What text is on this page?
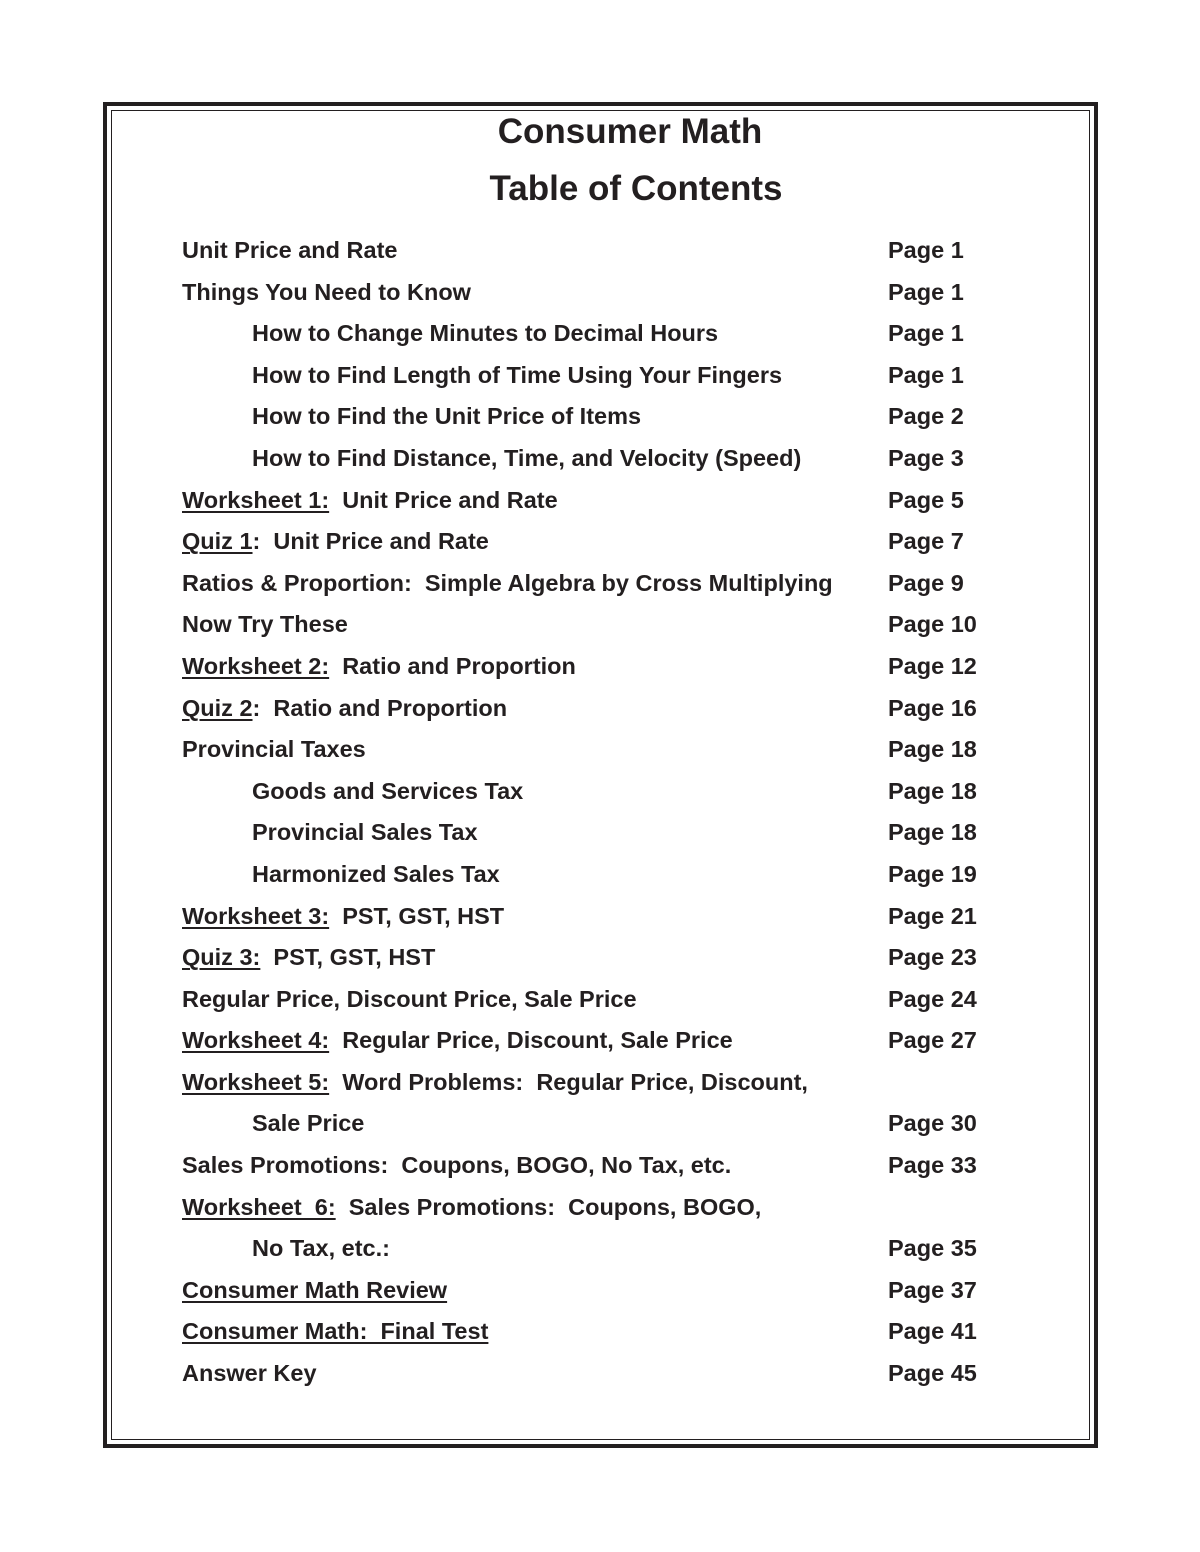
Consumer Math
Table of Contents
Unit Price and Rate	Page 1
Things You Need to Know	Page 1
How to Change Minutes to Decimal Hours	Page 1
How to Find Length of Time Using Your Fingers	Page 1
How to Find the Unit Price of Items	Page 2
How to Find Distance, Time, and Velocity (Speed)	Page 3
Worksheet 1: Unit Price and Rate	Page 5
Quiz 1: Unit Price and Rate	Page 7
Ratios & Proportion:  Simple Algebra by Cross Multiplying Page 9
Now Try These	Page 10
Worksheet 2: Ratio and Proportion	Page 12
Quiz 2: Ratio and Proportion	Page 16
Provincial Taxes	Page 18
Goods and Services Tax	Page 18
Provincial Sales Tax	Page 18
Harmonized Sales Tax	Page 19
Worksheet 3: PST, GST, HST	Page 21
Quiz 3: PST, GST, HST	Page 23
Regular Price, Discount Price, Sale Price	Page 24
Worksheet 4: Regular Price, Discount, Sale Price	Page 27
Worksheet 5: Word Problems:  Regular Price, Discount,
Sale Price	Page 30
Sales Promotions:  Coupons, BOGO, No Tax, etc.	Page 33
Worksheet  6: Sales Promotions:  Coupons, BOGO,
No Tax, etc.:	Page 35
Consumer Math Review	Page 37
Consumer Math:  Final Test	Page 41
Answer Key	Page 45
